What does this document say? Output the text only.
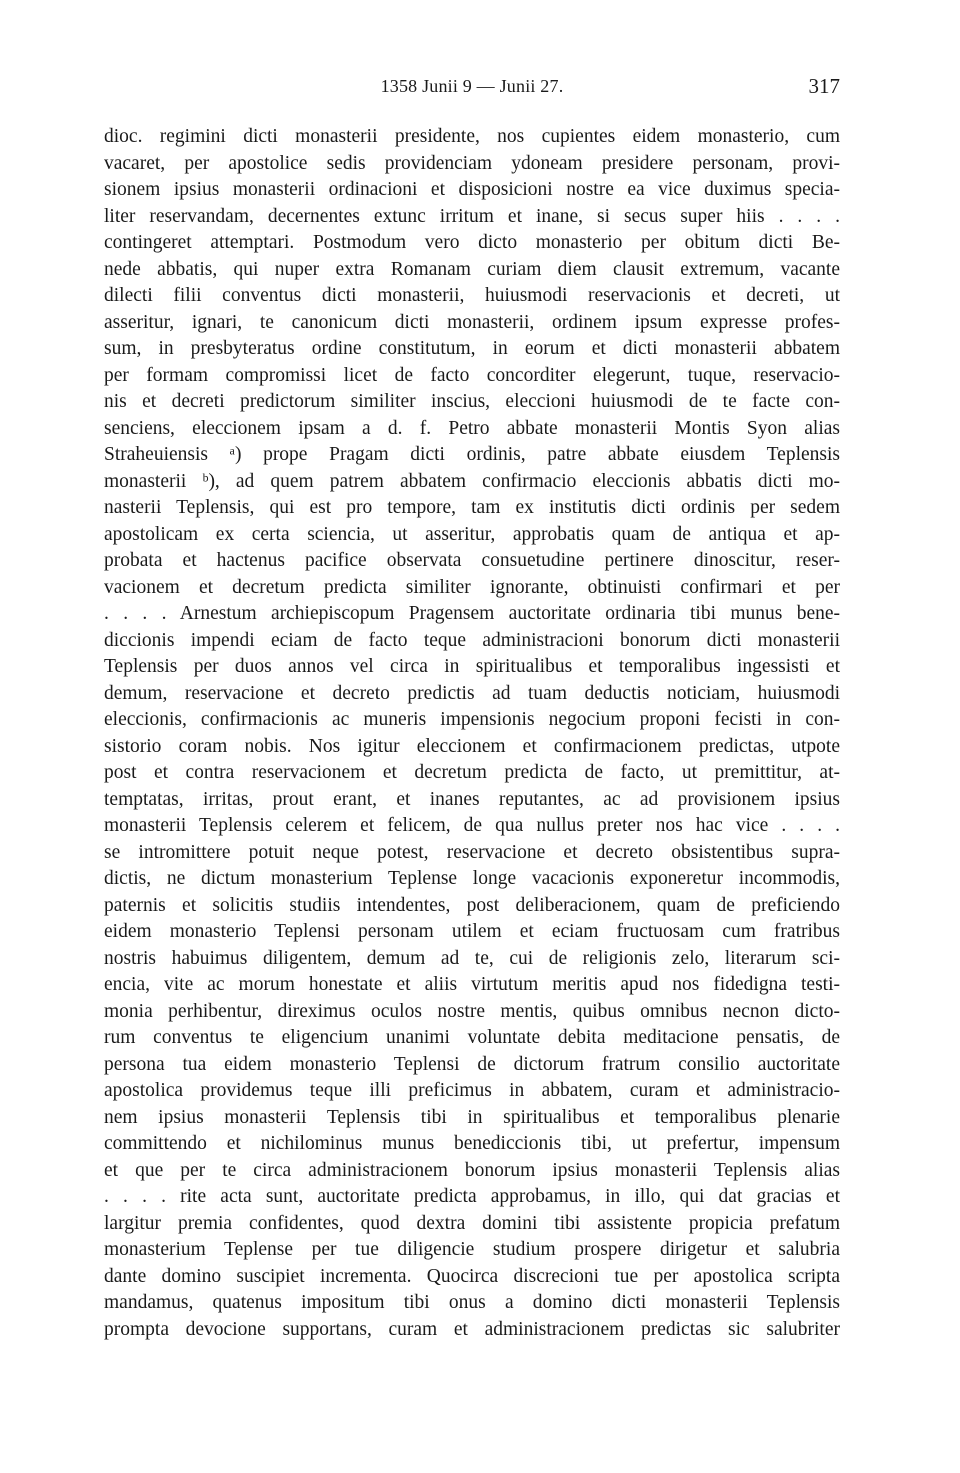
1358 Junii 9 — Junii 27.	317
dioc. regimini dicti monasterii presidente, nos cupientes eidem monasterio, cum
vacaret, per apostolice sedis providenciam ydoneam presidere personam, provi-
sionem ipsius monasterii ordinacioni et disposicioni nostre ea vice duximus specia-
liter reservandam, decernentes extunc irritum et inane, si secus super hiis . . . .
contingeret attemptari. Postmodum vero dicto monasterio per obitum dicti Be-
nede abbatis, qui nuper extra Romanam curiam diem clausit extremum, vacante
dilecti filii conventus dicti monasterii, huiusmodi reservacionis et decreti, ut
asseritur, ignari, te canonicum dicti monasterii, ordinem ipsum expresse profes-
sum, in presbyteratus ordine constitutum, in eorum et dicti monasterii abbatem
per formam compromissi licet de facto concorditer elegerunt, tuque, reservacio-
nis et decreti predictorum similiter inscius, eleccioni huiusmodi de te facte con-
senciens, eleccionem ipsam a d. f. Petro abbate monasterii Montis Syon alias
Straheuiensis ᵃ) prope Pragam dicti ordinis, patre abbate eiusdem Teplensis
monasterii ᵇ), ad quem patrem abbatem confirmacio eleccionis abbatis dicti mo-
nasterii Teplensis, qui est pro tempore, tam ex institutis dicti ordinis per sedem
apostolicam ex certa sciencia, ut asseritur, approbatis quam de antiqua et ap-
probata et hactenus pacifice observata consuetudine pertinere dinoscitur, reser-
vacionem et decretum predicta similiter ignorante, obtinuisti confirmari et per
. . . . Arnestum archiepiscopum Pragensem auctoritate ordinaria tibi munus bene-
diccionis impendi eciam de facto teque administracioni bonorum dicti monasterii
Teplensis per duos annos vel circa in spiritualibus et temporalibus ingessisti et
demum, reservacione et decreto predictis ad tuam deductis noticiam, huiusmodi
eleccionis, confirmacionis ac muneris impensionis negocium proponi fecisti in con-
sistorio coram nobis. Nos igitur eleccionem et confirmacionem predictas, utpote
post et contra reservacionem et decretum predicta de facto, ut premittitur, at-
temptatas, irritas, prout erant, et inanes reputantes, ac ad provisionem ipsius
monasterii Teplensis celerem et felicem, de qua nullus preter nos hac vice . . . .
se intromittere potuit neque potest, reservacione et decreto obsistentibus supra-
dictis, ne dictum monasterium Teplense longe vacacionis exponeretur incommodis,
paternis et solicitis studiis intendentes, post deliberacionem, quam de preficiendo
eidem monasterio Teplensi personam utilem et eciam fructuosam cum fratribus
nostris habuimus diligentem, demum ad te, cui de religionis zelo, literarum sci-
encia, vite ac morum honestate et aliis virtutum meritis apud nos fidedigna testi-
monia perhibentur, direximus oculos nostre mentis, quibus omnibus necnon dicto-
rum conventus te eligencium unanimi voluntate debita meditacione pensatis, de
persona tua eidem monasterio Teplensi de dictorum fratrum consilio auctoritate
apostolica providemus teque illi preficimus in abbatem, curam et administracio-
nem ipsius monasterii Teplensis tibi in spiritualibus et temporalibus plenarie
committendo et nichilominus munus benediccionis tibi, ut prefertur, impensum
et que per te circa administracionem bonorum ipsius monasterii Teplensis alias
. . . . rite acta sunt, auctoritate predicta approbamus, in illo, qui dat gracias et
largitur premia confidentes, quod dextra domini tibi assistente propicia prefatum
monasterium Teplense per tue diligencie studium prospere dirigetur et salubria
dante domino suscipiet incrementa. Quocirca discrecioni tue per apostolica scripta
mandamus, quatenus impositum tibi onus a domino dicti monasterii Teplensis
prompta devocione supportans, curam et administracionem predictas sic salubriter
